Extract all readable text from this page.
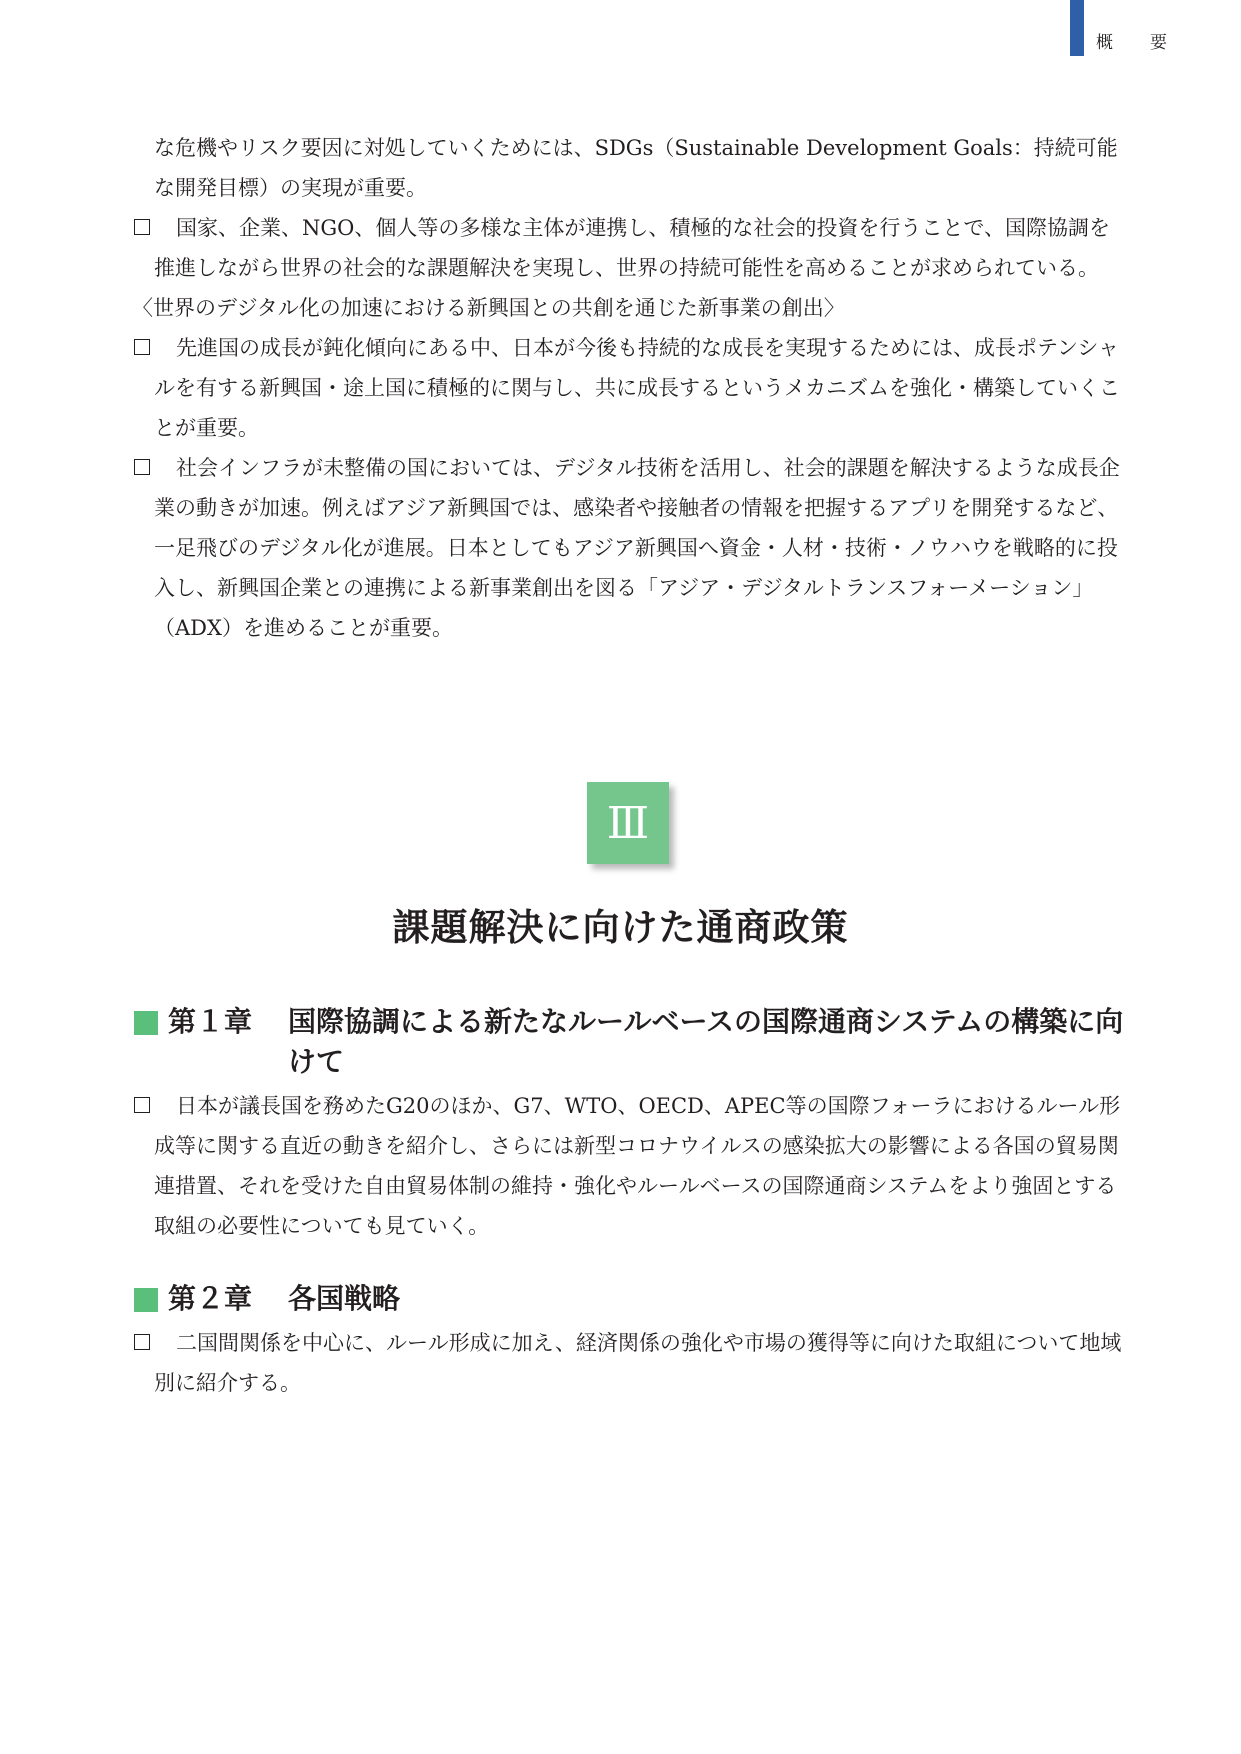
概　要

な危機やリスク要因に対処していくためには、SDGs（Sustainable Development Goals：持続可能な開発目標）の実現が重要。

国家、企業、NGO、個人等の多様な主体が連携し、積極的な社会的投資を行うことで、国際協調を推進しながら世界の社会的な課題解決を実現し、世界の持続可能性を高めることが求められている。

〈世界のデジタル化の加速における新興国との共創を通じた新事業の創出〉

先進国の成長が鈍化傾向にある中、日本が今後も持続的な成長を実現するためには、成長ポテンシャルを有する新興国・途上国に積極的に関与し、共に成長するというメカニズムを強化・構築していくことが重要。

社会インフラが未整備の国においては、デジタル技術を活用し、社会的課題を解決するような成長企業の動きが加速。例えばアジア新興国では、感染者や接触者の情報を把握するアプリを開発するなど、一足飛びのデジタル化が進展。日本としてもアジア新興国へ資金・人材・技術・ノウハウを戦略的に投入し、新興国企業との連携による新事業創出を図る「アジア・デジタルトランスフォーメーション」（ADX）を進めることが重要。

Ⅲ
課題解決に向けた通商政策
第１章 国際協調による新たなルールベースの国際通商システムの構築に向けて
日本が議長国を務めたG20のほか、G7、WTO、OECD、APEC等の国際フォーラにおけるルール形成等に関する直近の動きを紹介し、さらには新型コロナウイルスの感染拡大の影響による各国の貿易関連措置、それを受けた自由貿易体制の維持・強化やルールベースの国際通商システムをより強固とする取組の必要性についても見ていく。
第２章 各国戦略
二国間関係を中心に、ルール形成に加え、経済関係の強化や市場の獲得等に向けた取組について地域別に紹介する。
